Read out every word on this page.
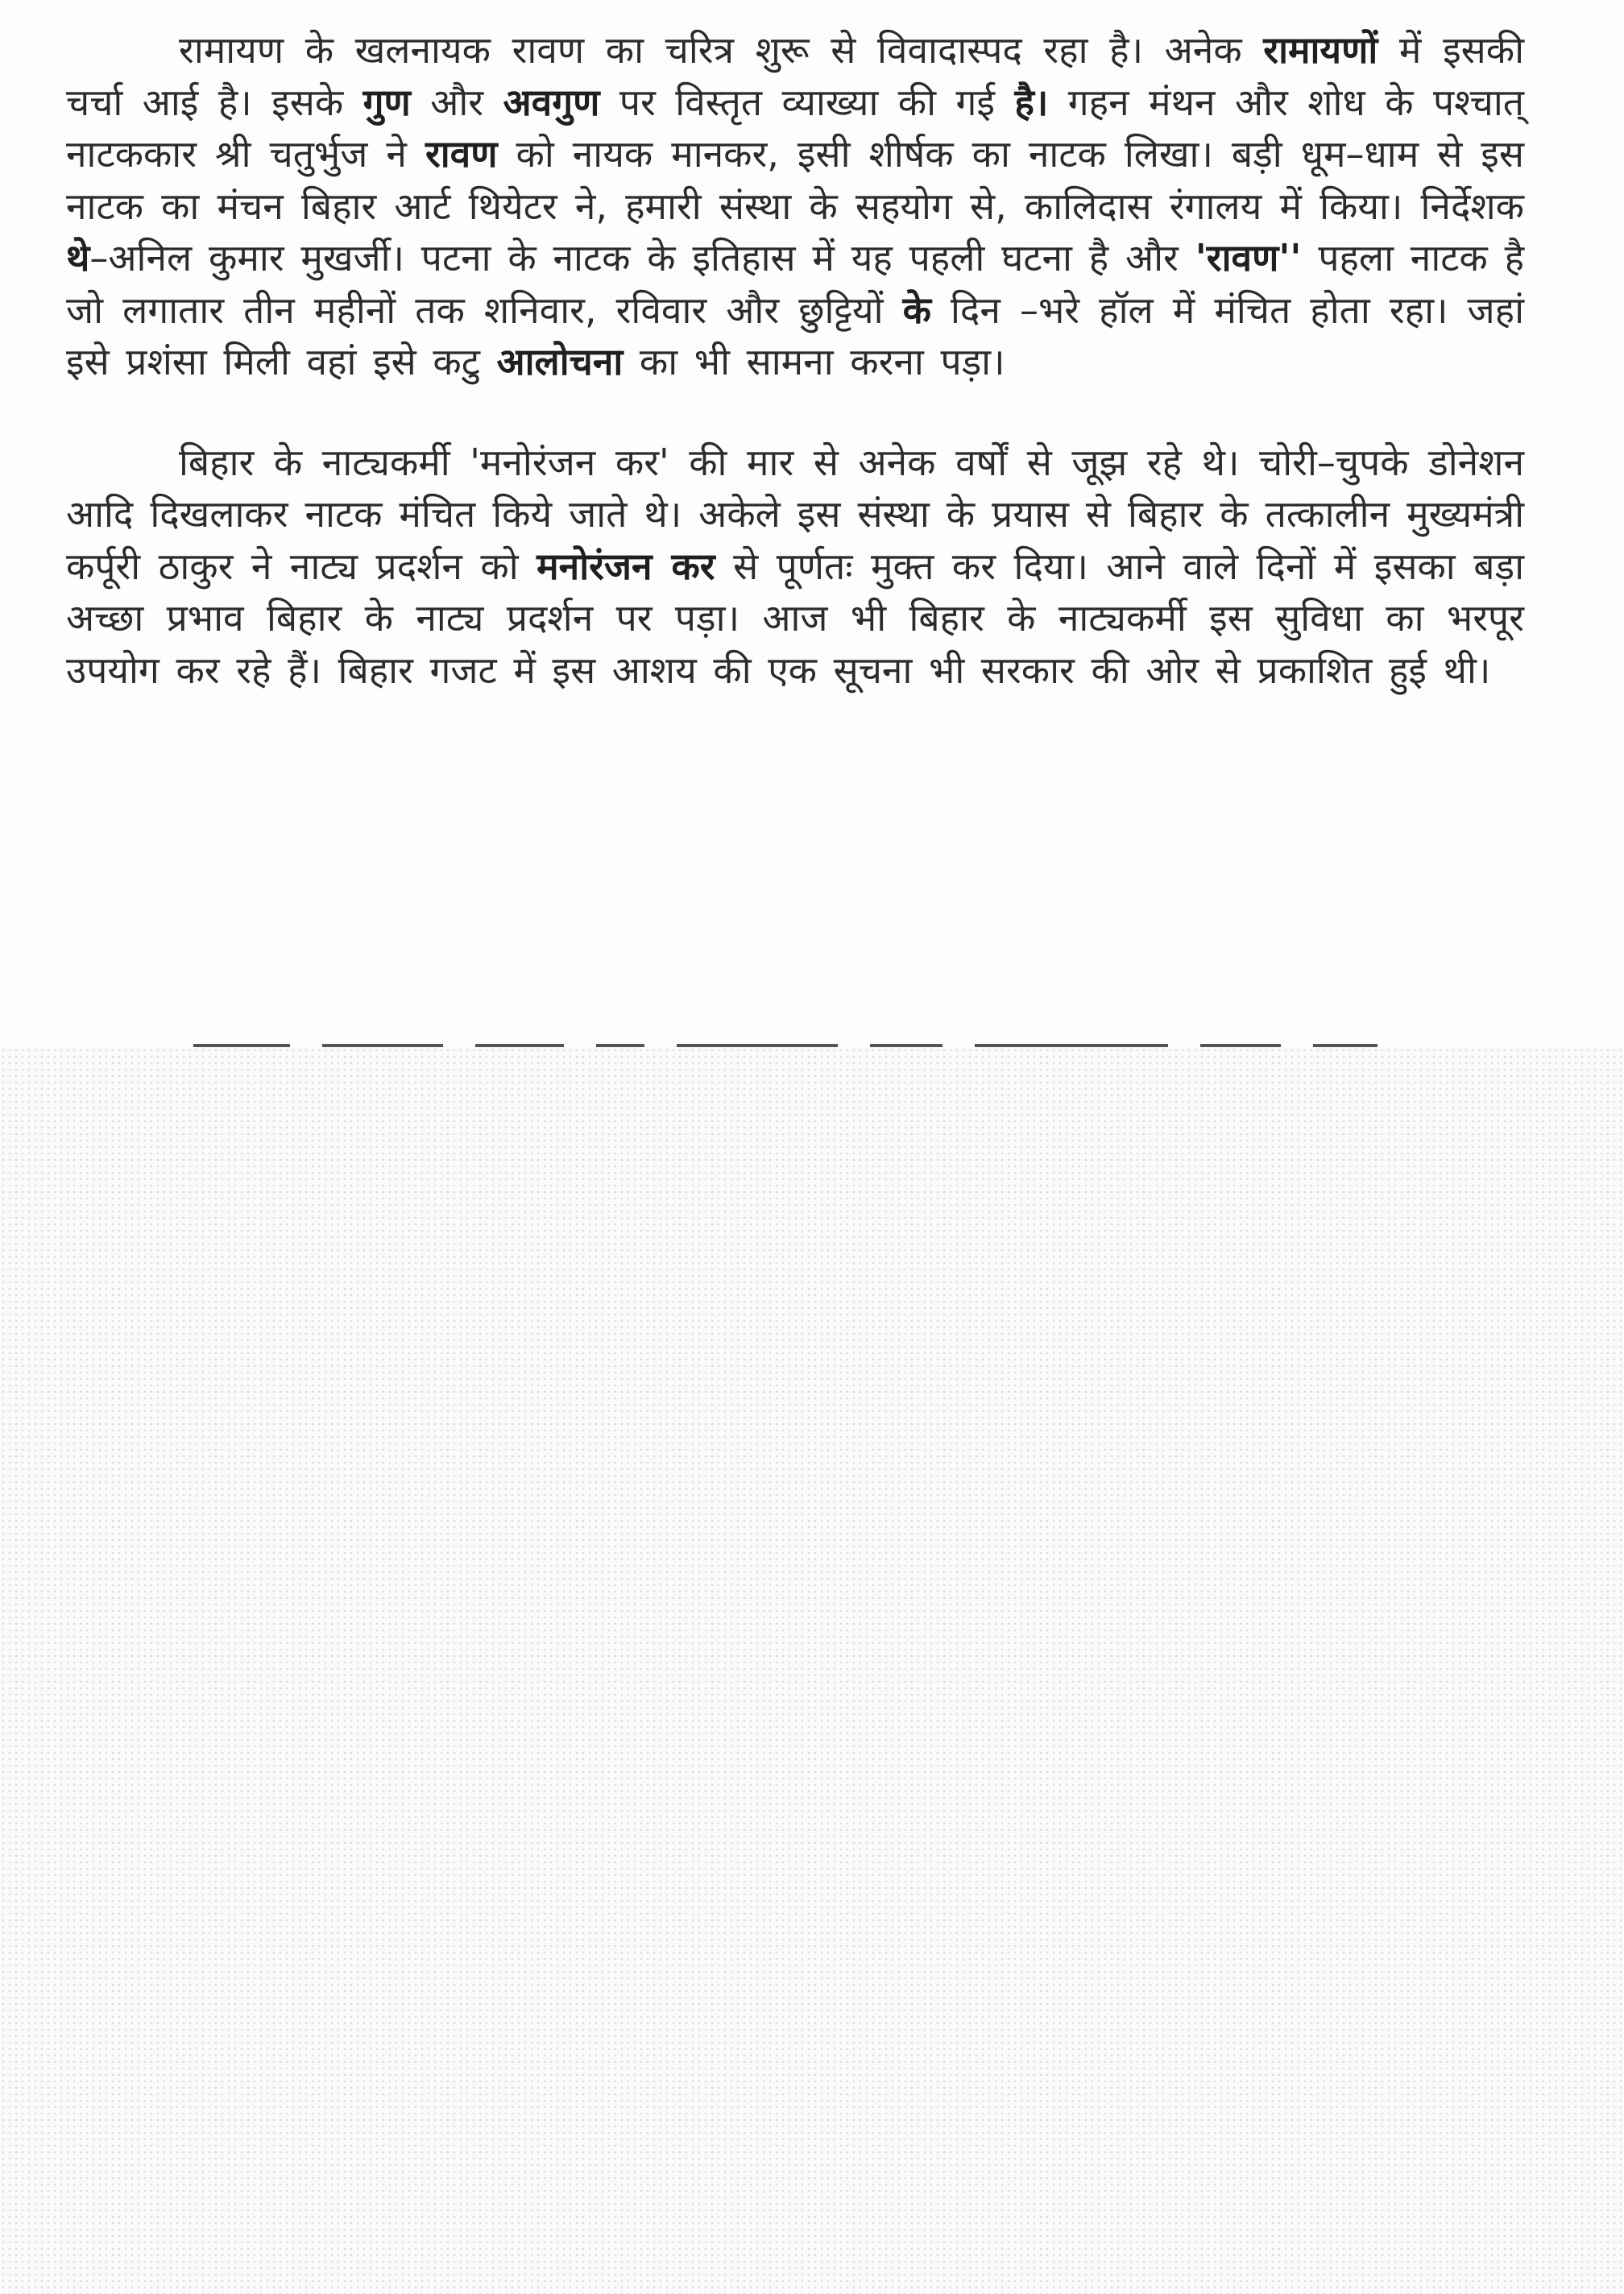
रामायण के खलनायक रावण का चरित्र शुरू से विवादास्पद रहा है। अनेक रामायणों में इसकी चर्चा आई है। इसके गुण और अवगुण पर विस्तृत व्याख्या की गई है। गहन मंथन और शोध के पश्चात् नाटककार श्री चतुर्भुज ने रावण को नायक मानकर, इसी शीर्षक का नाटक लिखा। बड़ी धूम–धाम से इस नाटक का मंचन बिहार आर्ट थियेटर ने, हमारी संस्था के सहयोग से, कालिदास रंगालय में किया। निर्देशक थे–अनिल कुमार मुखर्जी। पटना के नाटक के इतिहास में यह पहली घटना है और 'रावण'' पहला नाटक है जो लगातार तीन महीनों तक शनिवार, रविवार और छुट्टियों के दिन –भरे हॉल में मंचित होता रहा। जहां इसे प्रशंसा मिली वहां इसे कटु आलोचना का भी सामना करना पड़ा।

बिहार के नाट्यकर्मी 'मनोरंजन कर' की मार से अनेक वर्षों से जूझ रहे थे। चोरी–चुपके डोनेशन आदि दिखलाकर नाटक मंचित किये जाते थे। अकेले इस संस्था के प्रयास से बिहार के तत्कालीन मुख्यमंत्री कर्पूरी ठाकुर ने नाट्य प्रदर्शन को मनोरंजन कर से पूर्णतः मुक्त कर दिया। आने वाले दिनों में इसका बड़ा अच्छा प्रभाव बिहार के नाट्य प्रदर्शन पर पड़ा। आज भी बिहार के नाट्यकर्मी इस सुविधा का भरपूर उपयोग कर रहे हैं। बिहार गजट में इस आशय की एक सूचना भी सरकार की ओर से प्रकाशित हुई थी।
